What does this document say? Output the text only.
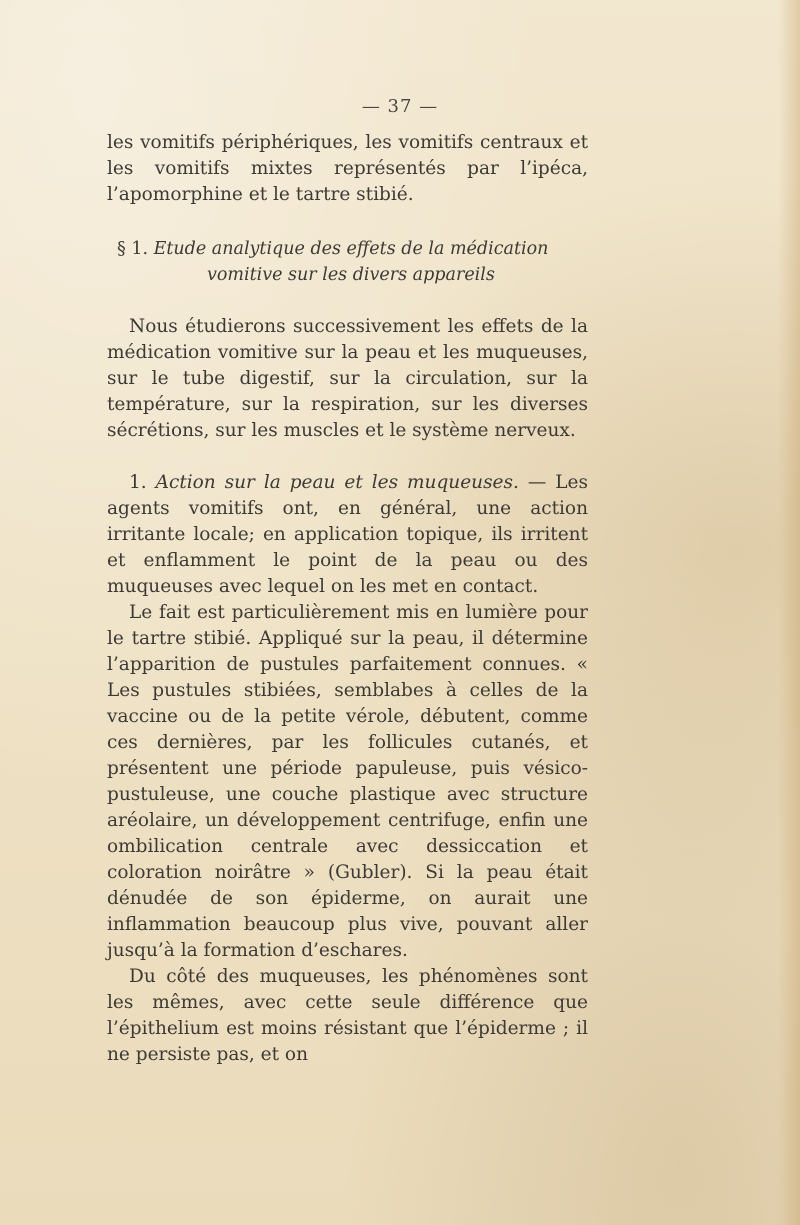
— 37 —
les vomitifs périphériques, les vomitifs centraux et les vomitifs mixtes représentés par l’ipéca, l’apomorphine et le tartre stibié.
§ 1. Etude analytique des effets de la médication
vomitive sur les divers appareils

Nous étudierons successivement les effets de la médication vomitive sur la peau et les muqueuses, sur le tube digestif, sur la circulation, sur la température, sur la respiration, sur les diverses sécrétions, sur les muscles et le système nerveux.

1. Action sur la peau et les muqueuses. — Les agents vomitifs ont, en général, une action irritante locale; en application topique, ils irritent et enflamment le point de la peau ou des muqueuses avec lequel on les met en contact.

Le fait est particulièrement mis en lumière pour le tartre stibié. Appliqué sur la peau, il détermine l’apparition de pustules parfaitement connues. « Les pustules stibiées, semblabes à celles de la vaccine ou de la petite vérole, débutent, comme ces dernières, par les follicules cutanés, et présentent une période papuleuse, puis vésico-pustuleuse, une couche plastique avec structure aréolaire, un développement centrifuge, enfin une ombilication centrale avec dessiccation et coloration noirâtre » (Gubler). Si la peau était dénudée de son épiderme, on aurait une inflammation beaucoup plus vive, pouvant aller jusqu’à la formation d’eschares.

Du côté des muqueuses, les phénomènes sont les mêmes, avec cette seule différence que l’épithelium est moins résistant que l’épiderme ; il ne persiste pas, et on
